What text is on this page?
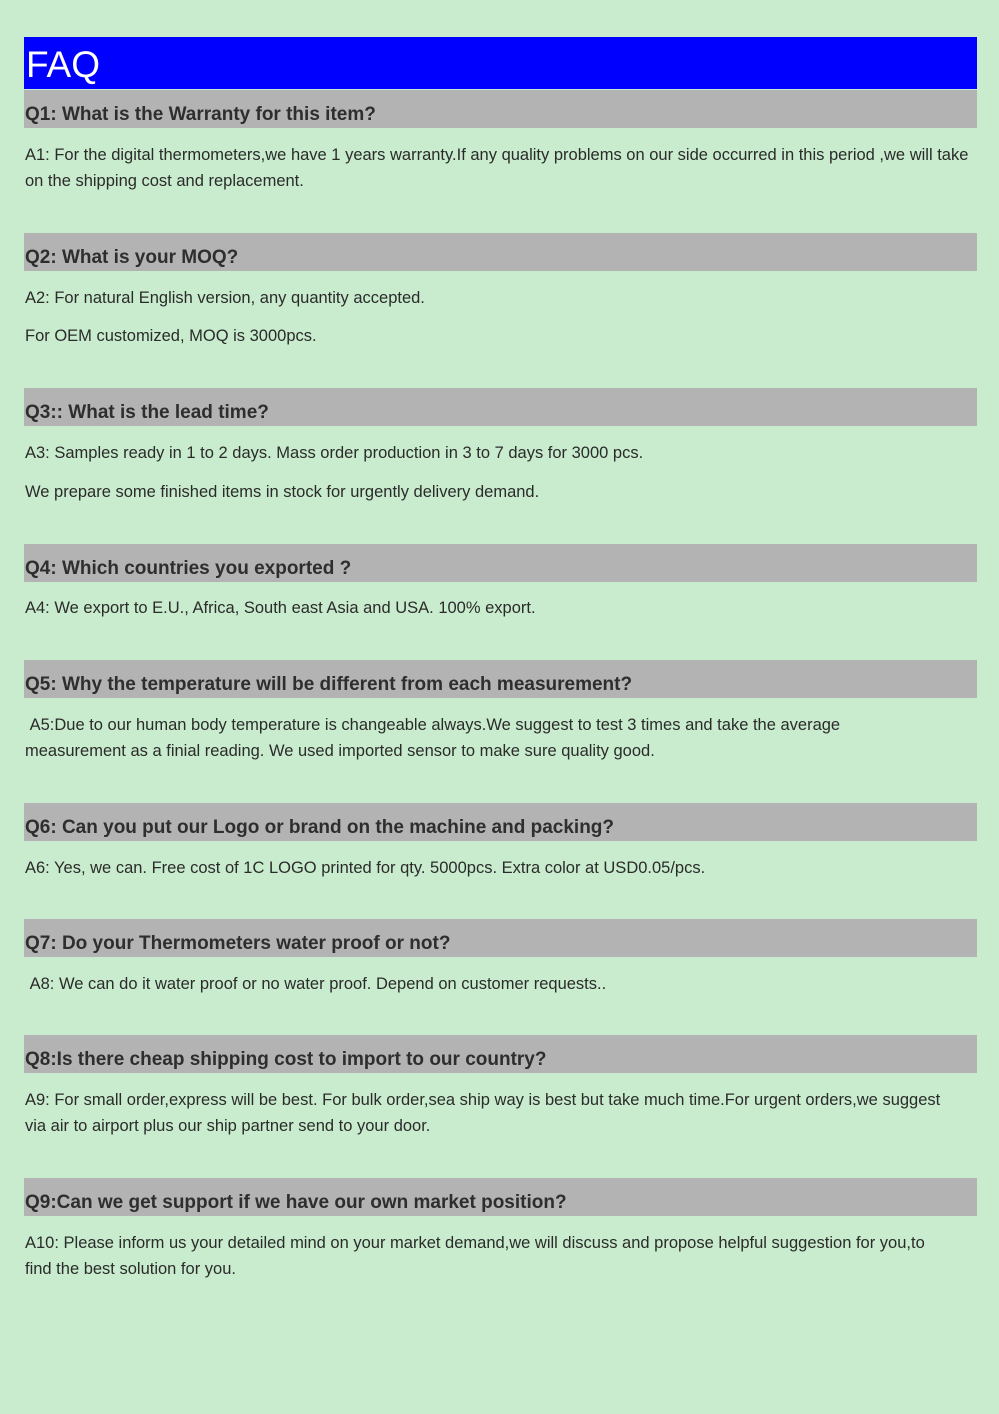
FAQ
Q1: What is the Warranty for this item?

A1: For the digital thermometers,we have 1 years warranty.If any quality problems on our side occurred in this period ,we will take on the shipping cost and replacement.

Q2: What is your MOQ?

A2: For natural English version, any quantity accepted.

For OEM customized, MOQ is 3000pcs.

Q3:: What is the lead time?

A3: Samples ready in 1 to 2 days. Mass order production in 3 to 7 days for 3000 pcs.

We prepare some finished items in stock for urgently delivery demand.

Q4: Which countries you exported ?

A4: We export to E.U., Africa, South east Asia and USA. 100% export.

Q5: Why the temperature will be different from each measurement?

A5:Due to our human body temperature is changeable always.We suggest to test 3 times and take the average measurement as a finial reading. We used imported sensor to make sure quality good.

Q6: Can you put our Logo or brand on the machine and packing?

A6: Yes, we can. Free cost of 1C LOGO printed for qty. 5000pcs. Extra color at USD0.05/pcs.

Q7: Do your Thermometers water proof or not?

A8: We can do it water proof or no water proof. Depend on customer requests..

Q8:Is there cheap shipping cost to import to our country?

A9: For small order,express will be best. For bulk order,sea ship way is best but take much time.For urgent orders,we suggest via air to airport plus our ship partner send to your door.

Q9:Can we get support if we have our own market position?

A10: Please inform us your detailed mind on your market demand,we will discuss and propose helpful suggestion for you,to find the best solution for you.
